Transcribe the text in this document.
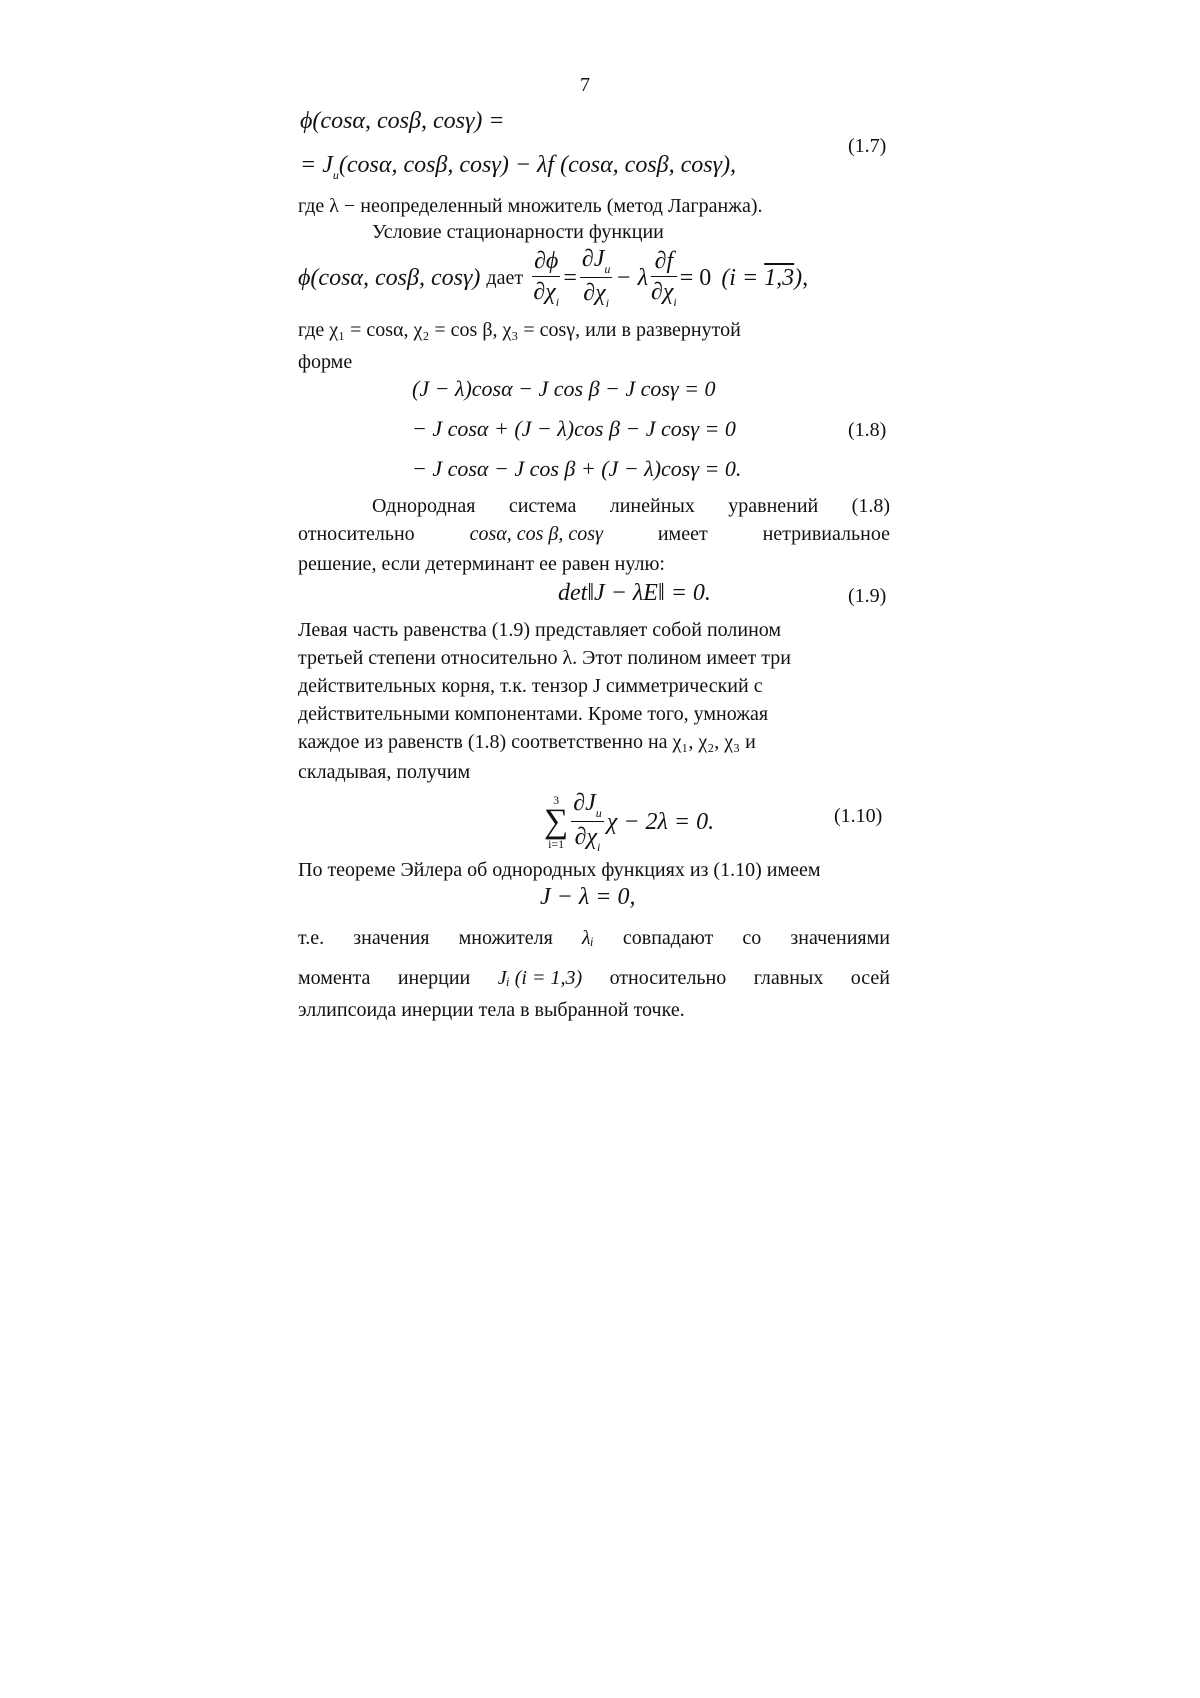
7
ϕ(cosα, cosβ, cosγ) =
= $J_u(\cos\alpha$, cosβ, cosγ) − λf (cosα, cosβ, cosγ),
(1.7)
где λ − неопределенный множитель (метод Лагранжа).
Условие стационарности функции
ϕ(cosα, cosβ, cosγ) дает $\frac{\partial\phi}{\partial\chi_i} = \frac{\partial J_u}{\partial\chi_i} - \lambda \frac{\partial f}{\partial\chi_i} = 0$ (i = 1,3),
где χ₁ = cosα, χ₂ = cos β, χ₃ = cosγ, или в развернутой
форме
(J − λ)cosα − J cos β − J cosγ = 0
− J cosα + (J − λ)cos β − J cosγ = 0
− J cosα − J cos β + (J − λ)cosγ = 0.
(1.8)
Однородная система линейных уравнений (1.8)
относительно	cosα, cos β, cosγ	имеет	нетривиальное
решение, если детерминант ее равен нулю:
det‖J − λE‖ = 0.	(1.9)
Левая часть равенства (1.9) представляет собой полином
третьей степени относительно λ. Этот полином имеет три
действительных корня, т.к. тензор J симметрический с
действительными компонентами. Кроме того, умножая
каждое из равенств (1.8) соответственно на χ₁, χ₂, χ₃ и
складывая, получим
3
∑
$i=1 \frac{\partial J_u}{\partial\chi_i}$ χ − 2λ = 0.	(1.10)
По теореме Эйлера об однородных функциях из (1.10) имеем
J − λ = 0,
т.е. значения множителя λᵢ совпадают со значениями
момента инерции Jᵢ (i = 1,3) относительно главных осей
эллипсоида инерции тела в выбранной точке.
